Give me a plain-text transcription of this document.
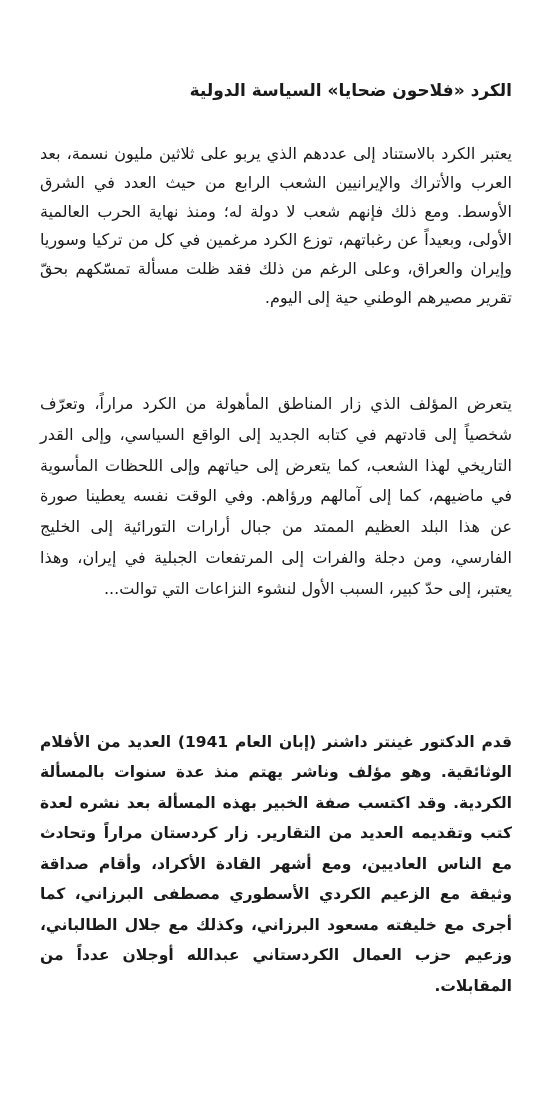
الكرد «فلاحون ضحايا» السياسة الدولية

يعتبر الكرد بالاستناد إلى عددهم الذي يربو على ثلاثين مليون نسمة، بعد العرب والأتراك والإيرانيين الشعب الرابع من حيث العدد في الشرق الأوسط. ومع ذلك فإنهم شعب لا دولة له؛ ومنذ نهاية الحرب العالمية الأولى، وبعيداً عن رغباتهم، توزع الكرد مرغمين في كل من تركيا وسوريا وإيران والعراق، وعلى الرغم من ذلك فقد ظلت مسألة تمسّكهم بحقّ تقرير مصيرهم الوطني حية إلى اليوم.

يتعرض المؤلف الذي زار المناطق المأهولة من الكرد مراراً، وتعرّف شخصياً إلى قادتهم في كتابه الجديد إلى الواقع السياسي، وإلى القدر التاريخي لهذا الشعب، كما يتعرض إلى حياتهم وإلى اللحظات المأسوية في ماضيهم، كما إلى آمالهم ورؤاهم. وفي الوقت نفسه يعطينا صورة عن هذا البلد العظيم الممتد من جبال أرارات التورائية إلى الخليج الفارسي، ومن دجلة والفرات إلى المرتفعات الجبلية في إيران، وهذا يعتبر، إلى حدّ كبير، السبب الأول لنشوء النزاعات التي توالت...

قدم الدكتور غينتر داشنر (إبان العام 1941) العديد من الأفلام الوثائقية. وهو مؤلف وناشر يهتم منذ عدة سنوات بالمسألة الكردية. وقد اكتسب صفة الخبير بهذه المسألة بعد نشره لعدة كتب وتقديمه العديد من التقارير. زار كردستان مراراً وتحادث مع الناس العاديين، ومع أشهر القادة الأكراد، وأقام صداقة وثيقة مع الزعيم الكردي الأسطوري مصطفى البرزاني، كما أجرى مع خليفته مسعود البرزاني، وكذلك مع جلال الطالباني، وزعيم حزب العمال الكردستاني عبدالله أوجلان عدداً من المقابلات.
